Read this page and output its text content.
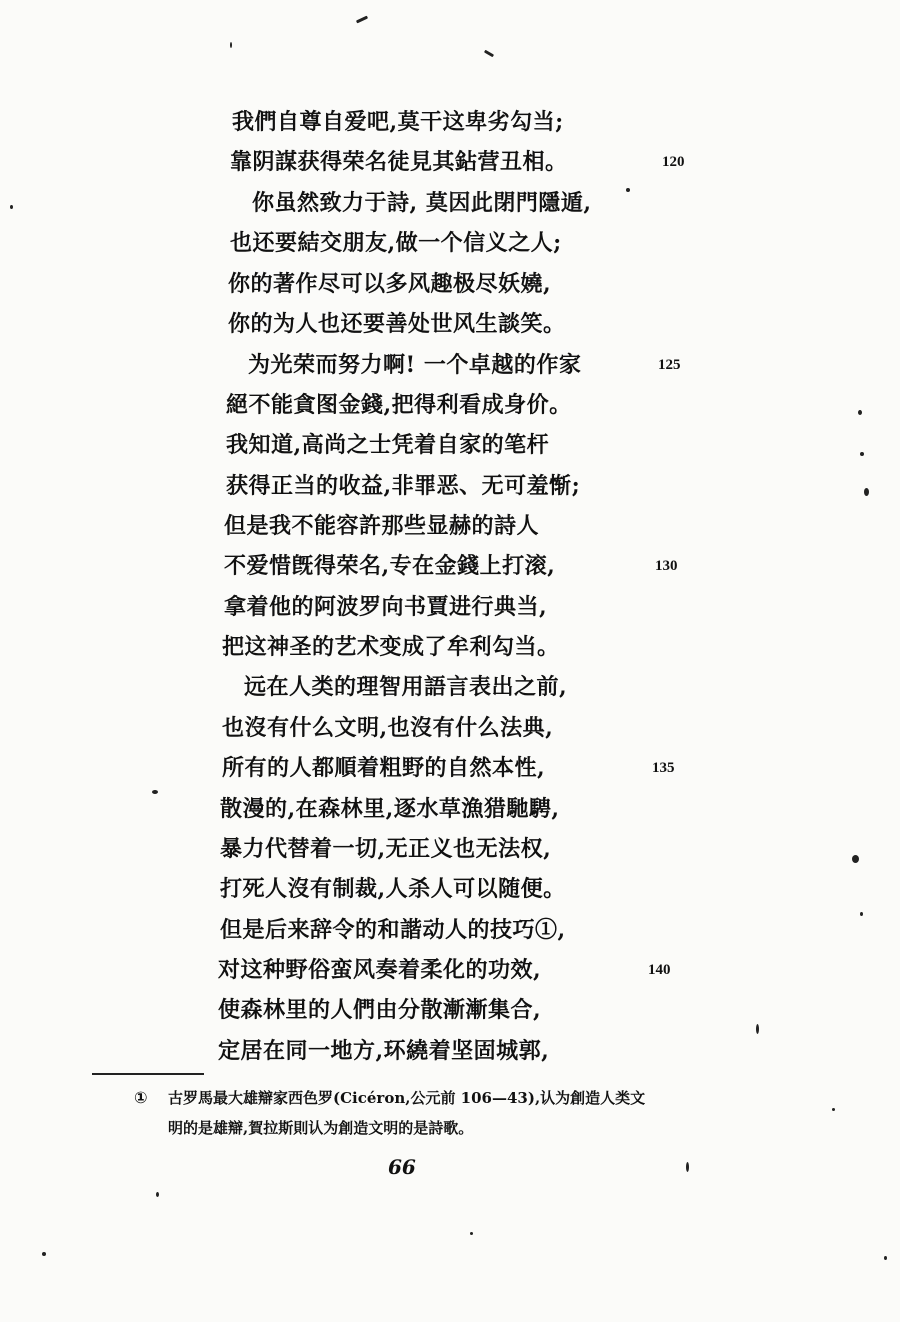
我們自尊自爱吧,莫干这卑劣勾当;
靠阴謀获得荣名徒見其鉆营丑相。
你虽然致力于詩, 莫因此閉門隱遁,
也还要結交朋友,做一个信义之人;
你的著作尽可以多风趣极尽妖嬈,
你的为人也还要善处世风生談笑。
为光荣而努力啊! 一个卓越的作家
絕不能貪图金錢,把得利看成身价。
我知道,高尚之士凭着自家的笔杆
获得正当的收益,非罪恶、无可羞惭;
但是我不能容許那些显赫的詩人
不爱惜旣得荣名,专在金錢上打滚,
拿着他的阿波罗向书賈进行典当,
把这神圣的艺术变成了牟利勾当。
远在人类的理智用語言表出之前,
也沒有什么文明,也沒有什么法典,
所有的人都順着粗野的自然本性,
散漫的,在森林里,逐水草漁猎馳騁,
暴力代替着一切,无正义也无法权,
打死人沒有制裁,人杀人可以随便。
但是后来辞令的和諧动人的技巧①,
对这种野俗蛮风奏着柔化的功效,
使森林里的人們由分散漸漸集合,
定居在同一地方,环繞着坚固城郭,
120
125
130
135
140
① 古罗馬最大雄辯家西色罗(Cicéron,公元前 106—43),认为創造人类文
明的是雄辯,賀拉斯則认为創造文明的是詩歌。
66
